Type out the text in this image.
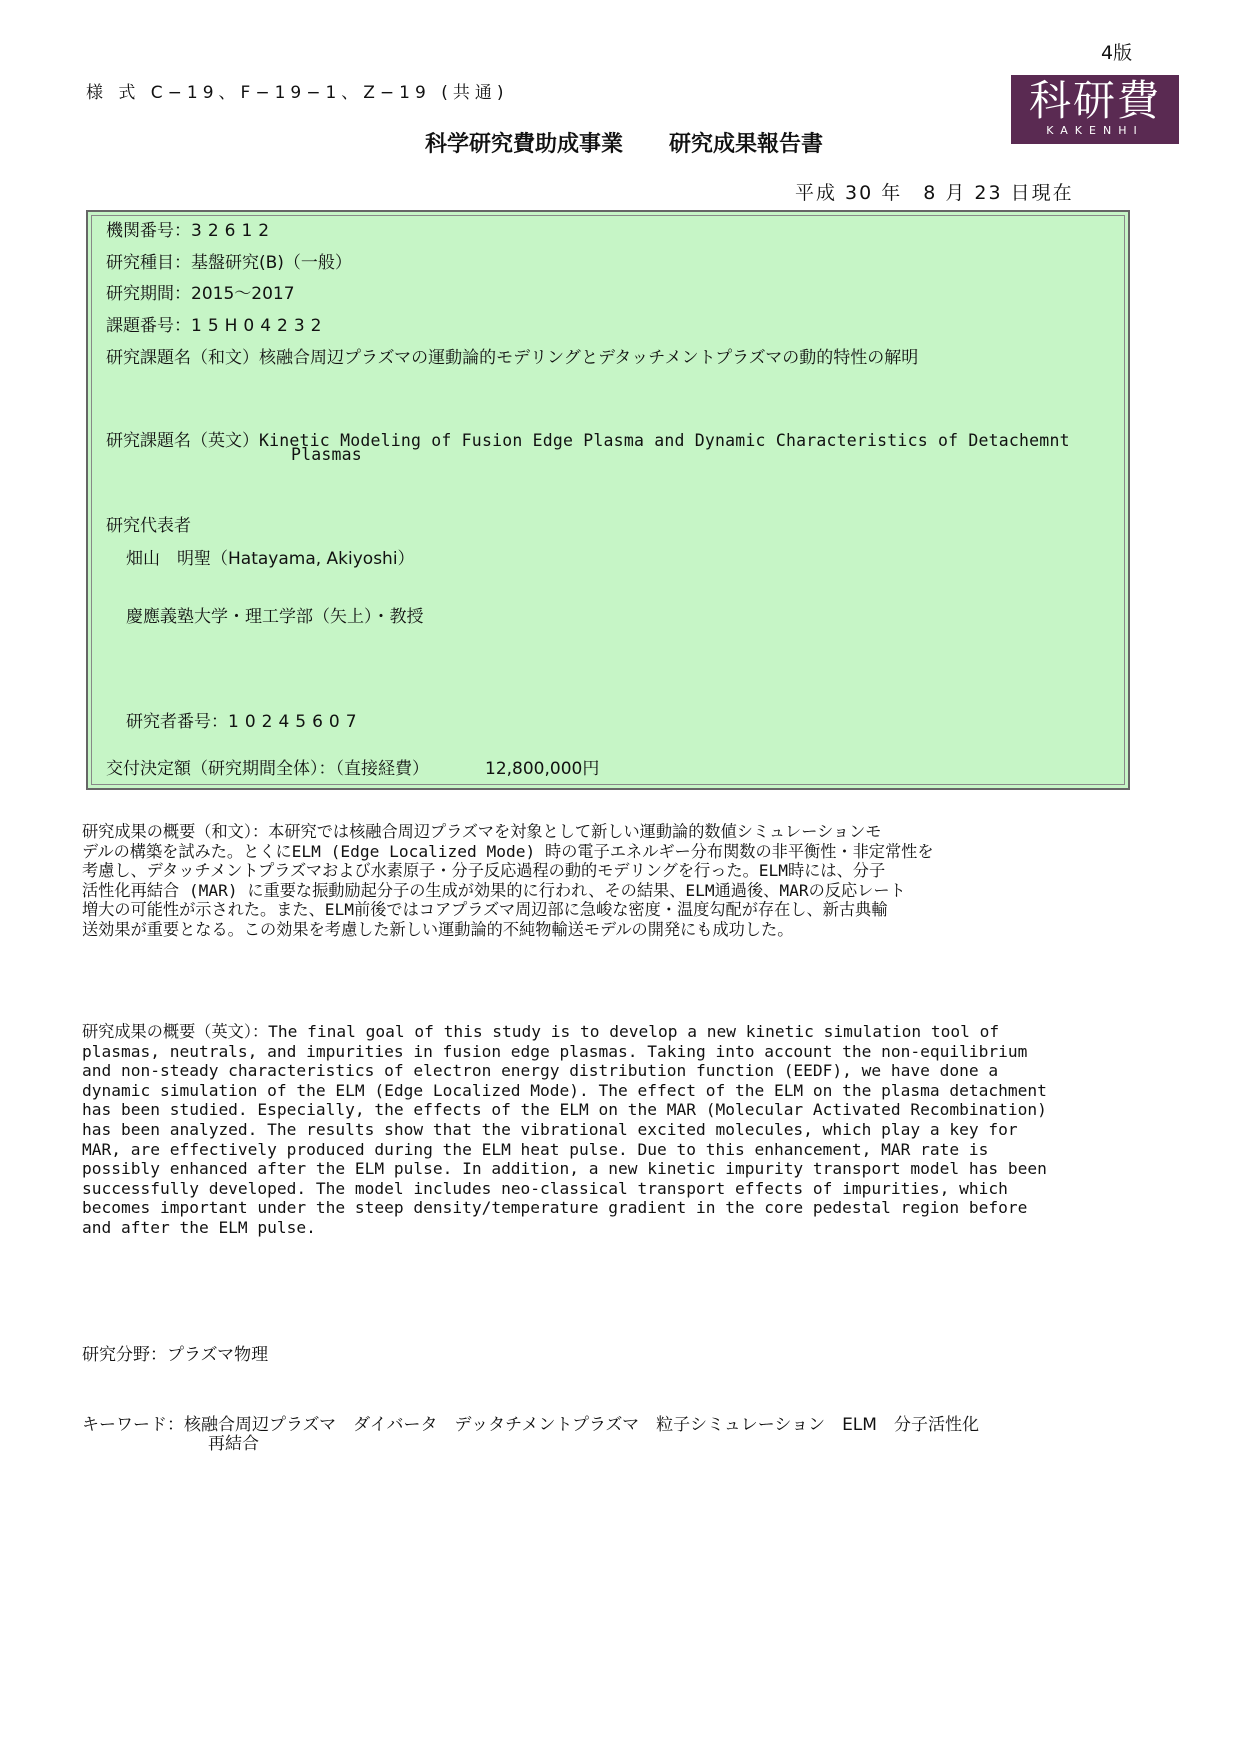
4版
様 式 C−19、F−19−1、Z−19 (共通)	科研費
KAKENHI
科学研究費助成事業 研究成果報告書
平成 30 年　8 月 23 日現在
機関番号：32612
研究種目：基盤研究(B)（一般）
研究期間：2015～2017
課題番号：15H04232
研究課題名（和文）核融合周辺プラズマの運動論的モデリングとデタッチメントプラズマの動的特性の解明
研究課題名（英文）Kinetic Modeling of Fusion Edge Plasma and Dynamic Characteristics of Detachemnt
Plasmas
研究代表者
畑山　明聖（Hatayama, Akiyoshi）
慶應義塾大学・理工学部（矢上）・教授
研究者番号：10245607
交付決定額（研究期間全体）：（直接経費）	12,800,000円
研究成果の概要（和文）：本研究では核融合周辺プラズマを対象として新しい運動論的数値シミュレーションモ
デルの構築を試みた。とくにELM (Edge Localized Mode) 時の電子エネルギー分布関数の非平衡性・非定常性を
考慮し、デタッチメントプラズマおよび水素原子・分子反応過程の動的モデリングを行った。ELM時には、分子
活性化再結合 (MAR) に重要な振動励起分子の生成が効果的に行われ、その結果、ELM通過後、MARの反応レート
増大の可能性が示された。また、ELM前後ではコアプラズマ周辺部に急峻な密度・温度勾配が存在し、新古典輸
送効果が重要となる。この効果を考慮した新しい運動論的不純物輸送モデルの開発にも成功した。
研究成果の概要（英文）：The final goal of this study is to develop a new kinetic simulation tool of
plasmas, neutrals, and impurities in fusion edge plasmas. Taking into account the non-equilibrium
and non-steady characteristics of electron energy distribution function (EEDF), we have done a
dynamic simulation of the ELM (Edge Localized Mode). The effect of the ELM on the plasma detachment
has been studied. Especially, the effects of the ELM on the MAR (Molecular Activated Recombination)
has been analyzed. The results show that the vibrational excited molecules, which play a key for
MAR, are effectively produced during the ELM heat pulse. Due to this enhancement, MAR rate is
possibly enhanced after the ELM pulse. In addition, a new kinetic impurity transport model has been
successfully developed. The model includes neo-classical transport effects of impurities, which
becomes important under the steep density/temperature gradient in the core pedestal region before
and after the ELM pulse.
研究分野：プラズマ物理
キーワード：核融合周辺プラズマ　ダイバータ　デッタチメントプラズマ　粒子シミュレーション　ELM　分子活性化
再結合
